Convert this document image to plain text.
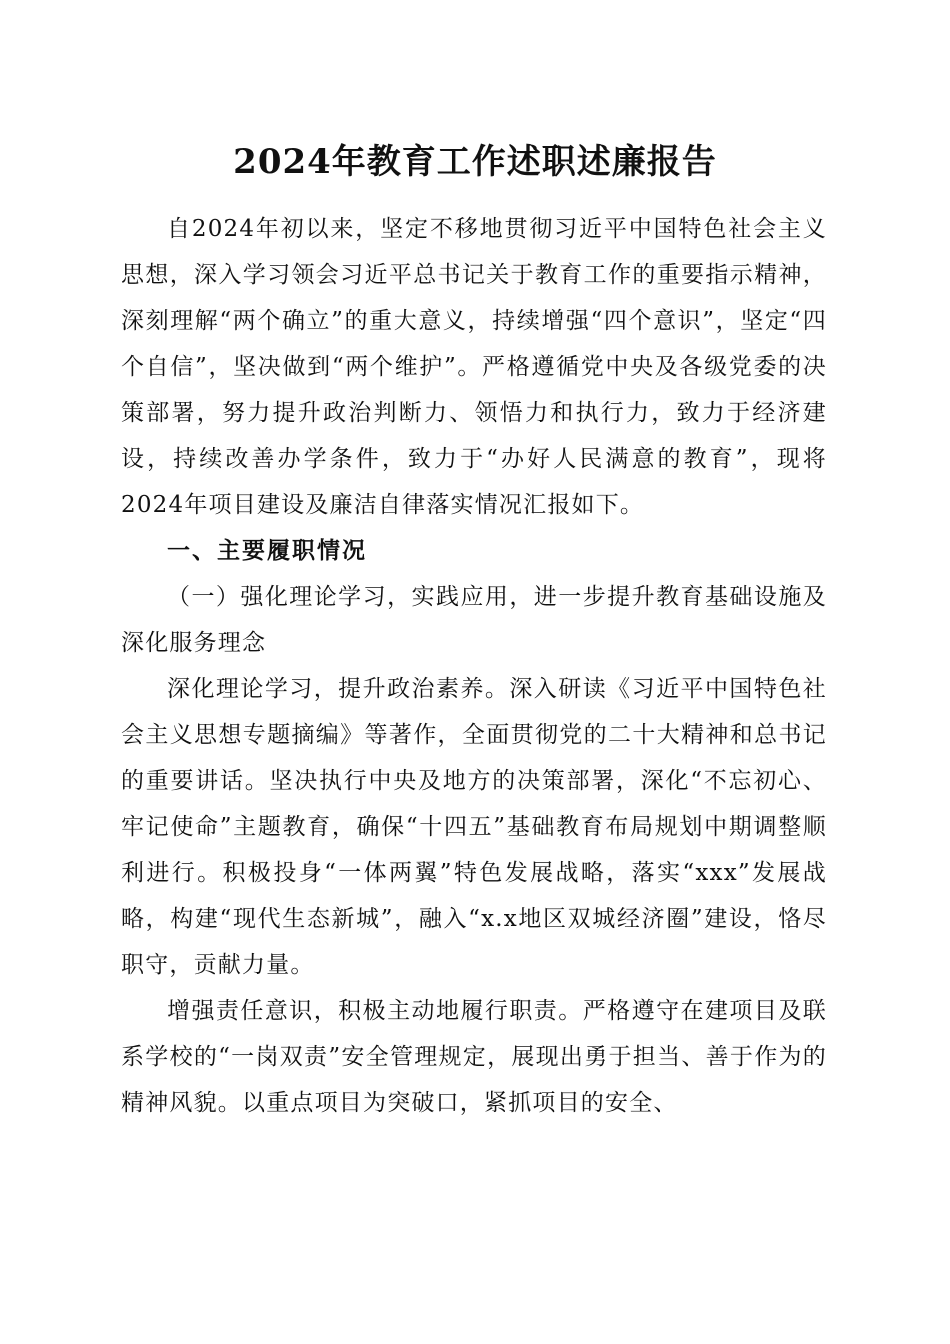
2024年教育工作述职述廉报告

自2024年初以来，坚定不移地贯彻习近平中国特色社会主义思想，深入学习领会习近平总书记关于教育工作的重要指示精神，深刻理解“两个确立”的重大意义，持续增强“四个意识”，坚定“四个自信”，坚决做到“两个维护”。严格遵循党中央及各级党委的决策部署，努力提升政治判断力、领悟力和执行力，致力于经济建设，持续改善办学条件，致力于“办好人民满意的教育”，现将2024年项目建设及廉洁自律落实情况汇报如下。

一、主要履职情况

（一）强化理论学习，实践应用，进一步提升教育基础设施及深化服务理念

深化理论学习，提升政治素养。深入研读《习近平中国特色社会主义思想专题摘编》等著作，全面贯彻党的二十大精神和总书记的重要讲话。坚决执行中央及地方的决策部署，深化“不忘初心、牢记使命”主题教育，确保“十四五”基础教育布局规划中期调整顺利进行。积极投身“一体两翼”特色发展战略，落实“xxx”发展战略，构建“现代生态新城”，融入“x.x地区双城经济圈”建设，恪尽职守，贡献力量。

增强责任意识，积极主动地履行职责。严格遵守在建项目及联系学校的“一岗双责”安全管理规定，展现出勇于担当、善于作为的精神风貌。以重点项目为突破口，紧抓项目的安全、
